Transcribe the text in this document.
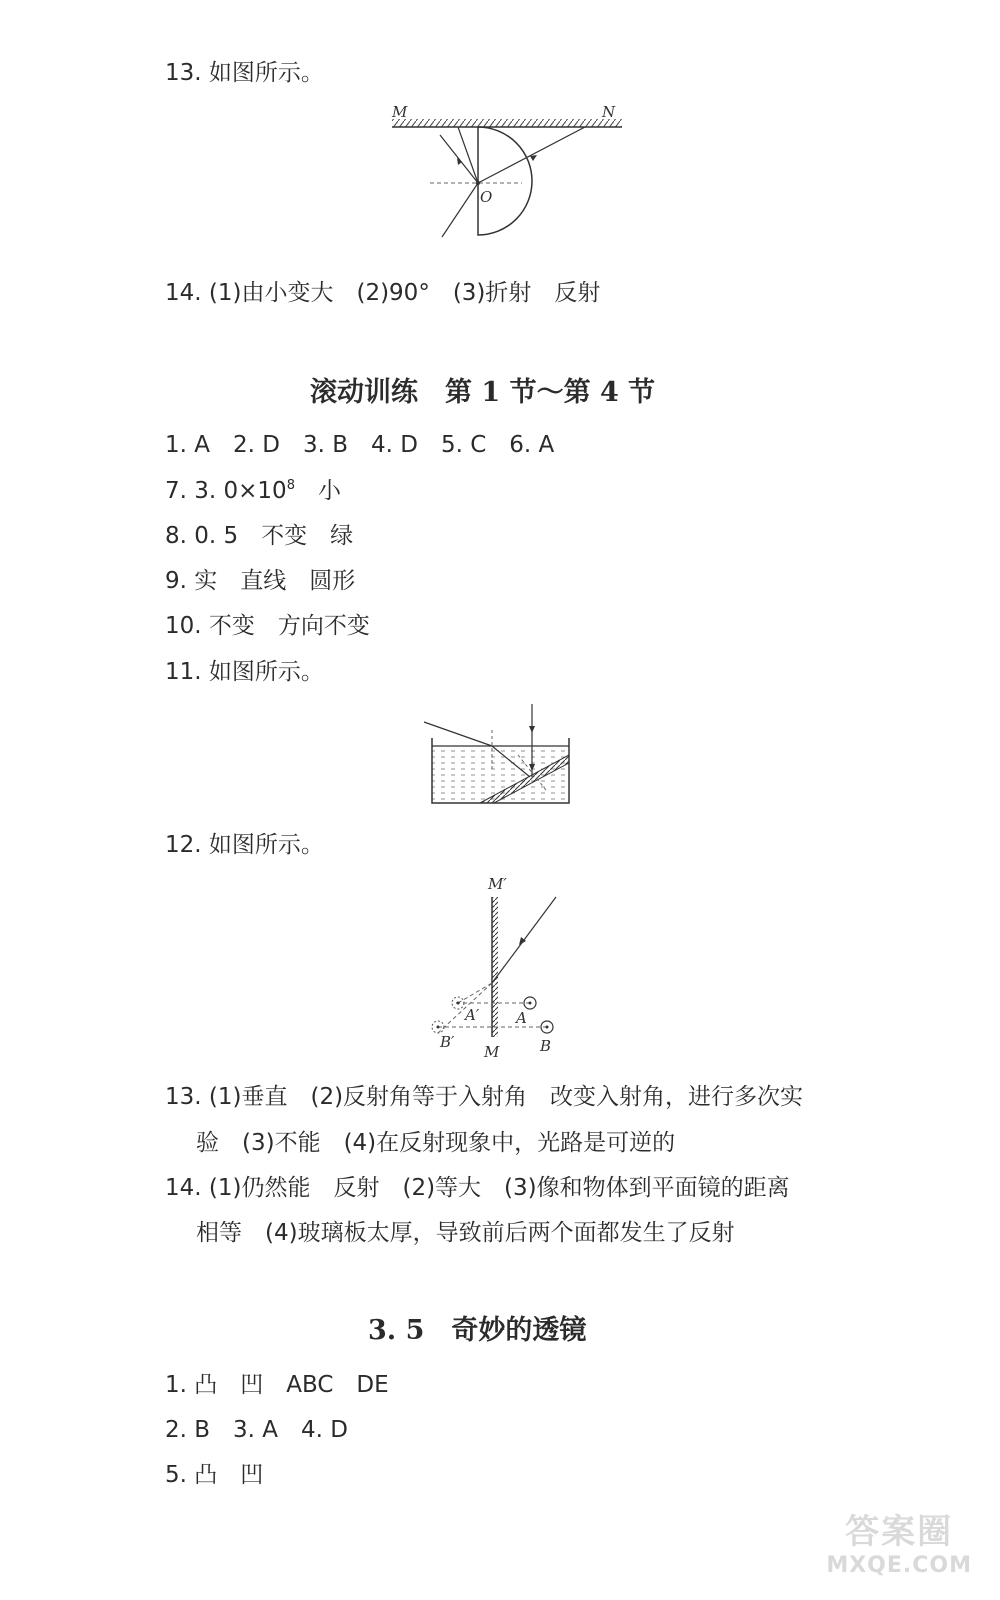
13. 如图所示。
M	N
O
14. (1)由小变大　(2)90°　(3)折射　反射
滚动训练　第 1 节～第 4 节
1. A　2. D　3. B　4. D　5. C　6. A
7. 3. $0\times 10^8$　小
8. 0. 5　不变　绿
9. 实　直线　圆形
10. 不变　方向不变
11. 如图所示。
12. 如图所示。
M′
M
A
A′
B
B′
13. (1)垂直　(2)反射角等于入射角　改变入射角，进行多次实
验　(3)不能　(4)在反射现象中，光路是可逆的
14. (1)仍然能　反射　(2)等大　(3)像和物体到平面镜的距离
相等　(4)玻璃板太厚，导致前后两个面都发生了反射
3. 5　奇妙的透镜
1. 凸　凹　ABC　DE
2. B　3. A　4. D
5. 凸　凹
答案圈
MXQE.COM
